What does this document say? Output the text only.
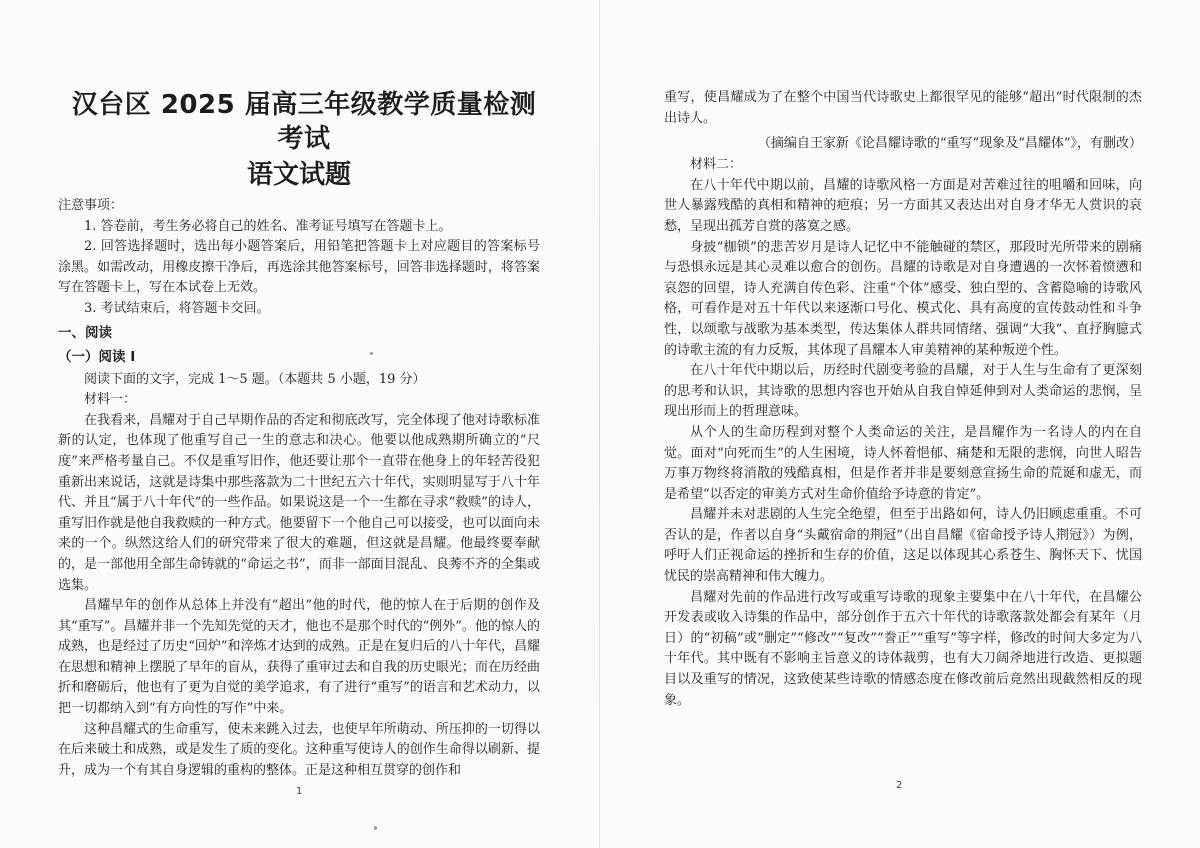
汉台区 2025 届高三年级教学质量检测考试
语文试题

注意事项：

1. 答卷前，考生务必将自己的姓名、准考证号填写在答题卡上。

2. 回答选择题时，选出每小题答案后，用铅笔把答题卡上对应题目的答案标号涂黑。如需改动，用橡皮擦干净后，再选涂其他答案标号，回答非选择题时，将答案写在答题卡上，写在本试卷上无效。

3. 考试结束后，将答题卡交回。

一、阅读
（一）阅读 I

阅读下面的文字，完成 1～5 题。（本题共 5 小题，19 分）

材料一：

在我看来，昌耀对于自己早期作品的否定和彻底改写，完全体现了他对诗歌标准新的认定，也体现了他重写自己一生的意志和决心。他要以他成熟期所确立的“尺度”来严格考量自己。不仅是重写旧作，他还要让那个一直带在他身上的年轻苦役犯重新出来说话，这就是诗集中那些落款为二十世纪五六十年代，实则明显写于八十年代、并且“属于八十年代”的一些作品。如果说这是一个一生都在寻求“救赎”的诗人，重写旧作就是他自我救赎的一种方式。他要留下一个他自己可以接受，也可以面向未来的一个。纵然这给人们的研究带来了很大的难题，但这就是昌耀。他最终要奉献的，是一部他用全部生命铸就的“命运之书”，而非一部面目混乱、良莠不齐的全集或选集。

昌耀早年的创作从总体上并没有“超出”他的时代，他的惊人在于后期的创作及其“重写”。昌耀并非一个先知先觉的天才，他也不是那个时代的“例外”。他的惊人的成熟，也是经过了历史“回炉”和淬炼才达到的成熟。正是在复归后的八十年代，昌耀在思想和精神上摆脱了早年的盲从，获得了重审过去和自我的历史眼光；而在历经曲折和磨砺后，他也有了更为自觉的美学追求，有了进行“重写”的语言和艺术动力，以把一切都纳入到“有方向性的写作”中来。

这种昌耀式的生命重写，使未来跳入过去，也使早年所萌动、所压抑的一切得以在后来破土和成熟，或是发生了质的变化。这种重写使诗人的创作生命得以刷新、提升，成为一个有其自身逻辑的重构的整体。正是这种相互贯穿的创作和

1

重写，使昌耀成为了在整个中国当代诗歌史上都很罕见的能够“超出”时代限制的杰出诗人。

（摘编自王家新《论昌耀诗歌的“重写”现象及“昌耀体”》，有删改）

材料二：

在八十年代中期以前，昌耀的诗歌风格一方面是对苦难过往的咀嚼和回味，向世人暴露残酷的真相和精神的疤痕；另一方面其又表达出对自身才华无人赏识的哀愁，呈现出孤芳自赏的落寞之感。

身披“枷锁”的悲苦岁月是诗人记忆中不能触碰的禁区，那段时光所带来的剧痛与恐惧永远是其心灵难以愈合的创伤。昌耀的诗歌是对自身遭遇的一次怀着愤懑和哀怨的回望，诗人充满自传色彩、注重“个体”感受、独白型的、含蓄隐喻的诗歌风格，可看作是对五十年代以来逐渐口号化、模式化、具有高度的宣传鼓动性和斗争性，以颂歌与战歌为基本类型，传达集体人群共同情绪、强调“大我”、直抒胸臆式的诗歌主流的有力反叛，其体现了昌耀本人审美精神的某种叛逆个性。

在八十年代中期以后，历经时代剧变考验的昌耀，对于人生与生命有了更深刻的思考和认识，其诗歌的思想内容也开始从自我自悼延伸到对人类命运的悲悯，呈现出形而上的哲理意味。

从个人的生命历程到对整个人类命运的关注，是昌耀作为一名诗人的内在自觉。面对“向死而生”的人生困境，诗人怀着悒郁、痛楚和无限的悲悯，向世人昭告万事万物终将消散的残酷真相，但是作者并非是要刻意宣扬生命的荒诞和虚无，而是希望“以否定的审美方式对生命价值给予诗意的肯定”。

昌耀并未对悲剧的人生完全绝望，但至于出路如何，诗人仍旧顾虑重重。不可否认的是，作者以自身“头戴宿命的荆冠”（出自昌耀《宿命授予诗人荆冠》）为例，呼吁人们正视命运的挫折和生存的价值，这足以体现其心系苍生、胸怀天下、忧国忧民的崇高精神和伟大魄力。

昌耀对先前的作品进行改写或重写诗歌的现象主要集中在八十年代，在昌耀公开发表或收入诗集的作品中，部分创作于五六十年代的诗歌落款处都会有某年（月日）的“初稿”或“删定”“修改”“复改”“誊正”“重写”等字样，修改的时间大多定为八十年代。其中既有不影响主旨意义的诗体裁剪，也有大刀阔斧地进行改造、更拟题目以及重写的情况，这致使某些诗歌的情感态度在修改前后竟然出现截然相反的现象。

2
